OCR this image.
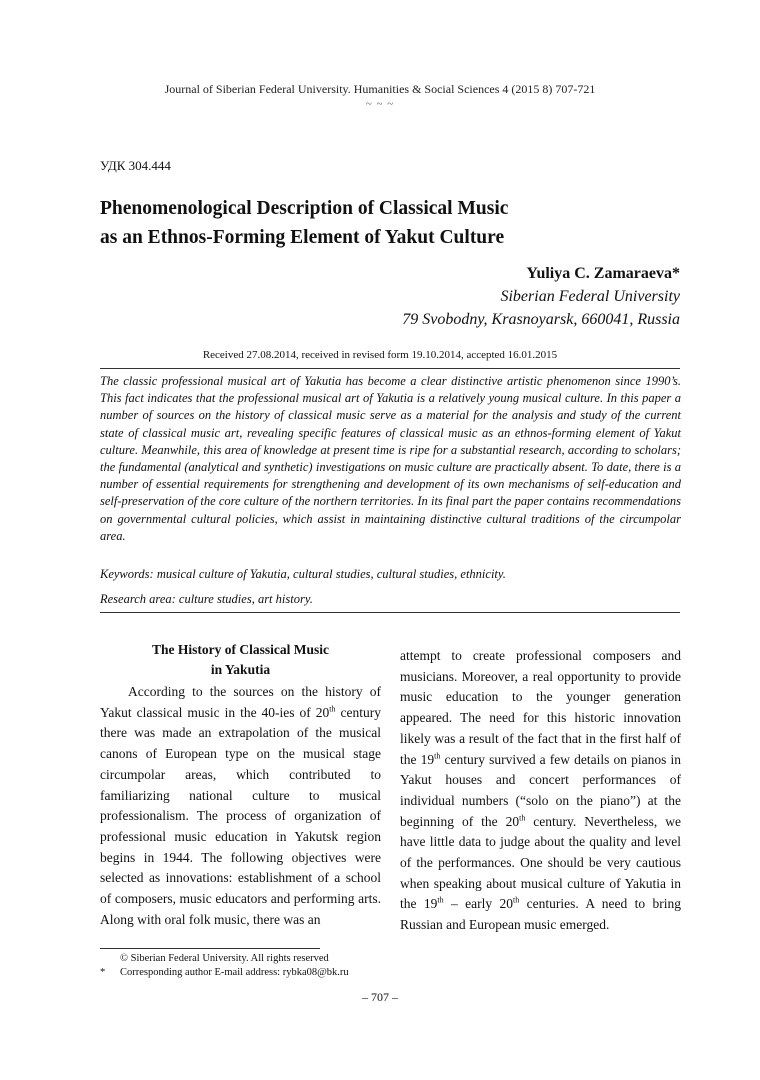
Journal of Siberian Federal University. Humanities & Social Sciences 4 (2015 8) 707-721
~ ~ ~
УДК 304.444
Phenomenological Description of Classical Music
as an Ethnos-Forming Element of Yakut Culture
Yuliya C. Zamaraeva*
Siberian Federal University
79 Svobodny, Krasnoyarsk, 660041, Russia
Received 27.08.2014, received in revised form 19.10.2014, accepted 16.01.2015

The classic professional musical art of Yakutia has become a clear distinctive artistic phenomenon since 1990’s. This fact indicates that the professional musical art of Yakutia is a relatively young musical culture. In this paper a number of sources on the history of classical music serve as a material for the analysis and study of the current state of classical music art, revealing specific features of classical music as an ethnos-forming element of Yakut culture. Meanwhile, this area of knowledge at present time is ripe for a substantial research, according to scholars; the fundamental (analytical and synthetic) investigations on music culture are practically absent. To date, there is a number of essential requirements for strengthening and development of its own mechanisms of self-education and self-preservation of the core culture of the northern territories. In its final part the paper contains recommendations on governmental cultural policies, which assist in maintaining distinctive cultural traditions of the circumpolar area.

Keywords: musical culture of Yakutia, cultural studies, cultural studies, ethnicity.
Research area: culture studies, art history.
The History of Classical Music
in Yakutia

According to the sources on the history of Yakut classical music in the 40-ies of 20th century there was made an extrapolation of the musical canons of European type on the musical stage circumpolar areas, which contributed to familiarizing national culture to musical professionalism. The process of organization of professional music education in Yakutsk region begins in 1944. The following objectives were selected as innovations: establishment of a school of composers, music educators and performing arts. Along with oral folk music, there was an

attempt to create professional composers and musicians. Moreover, a real opportunity to provide music education to the younger generation appeared. The need for this historic innovation likely was a result of the fact that in the first half of the 19th century survived a few details on pianos in Yakut houses and concert performances of individual numbers (“solo on the piano”) at the beginning of the 20th century. Nevertheless, we have little data to judge about the quality and level of the performances. One should be very cautious when speaking about musical culture of Yakutia in the 19th – early 20th centuries. A need to bring Russian and European music emerged.

© Siberian Federal University. All rights reserved
* Corresponding author E-mail address: rybka08@bk.ru
– 707 –
